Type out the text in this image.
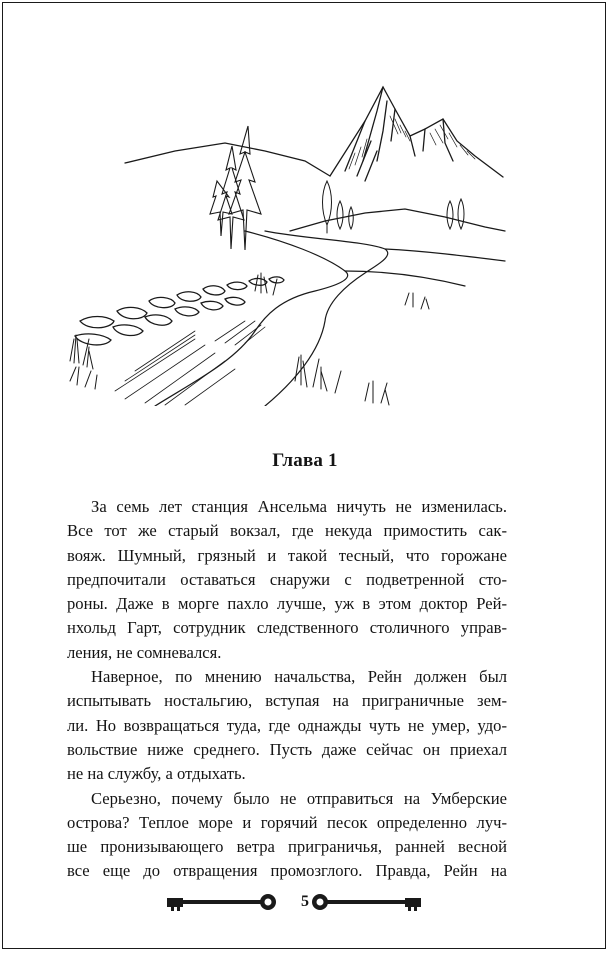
Глава 1
За семь лет станция Ансельма ничуть не изменилась.
Все тот же старый вокзал, где некуда примостить сак-
вояж. Шумный, грязный и такой тесный, что горожане
предпочитали оставаться снаружи с подветренной сто-
роны. Даже в морге пахло лучше, уж в этом доктор Рей-
нхольд Гарт, сотрудник следственного столичного управ-
ления, не сомневался.
Наверное, по мнению начальства, Рейн должен был
испытывать ностальгию, вступая на приграничные зем-
ли. Но возвращаться туда, где однажды чуть не умер, удо-
вольствие ниже среднего. Пусть даже сейчас он приехал
не на службу, а отдыхать.
Серьезно, почему было не отправиться на Умберские
острова? Теплое море и горячий песок определенно луч-
ше пронизывающего ветра приграничья, ранней весной
все еще до отвращения промозглого. Правда, Рейн на
5
